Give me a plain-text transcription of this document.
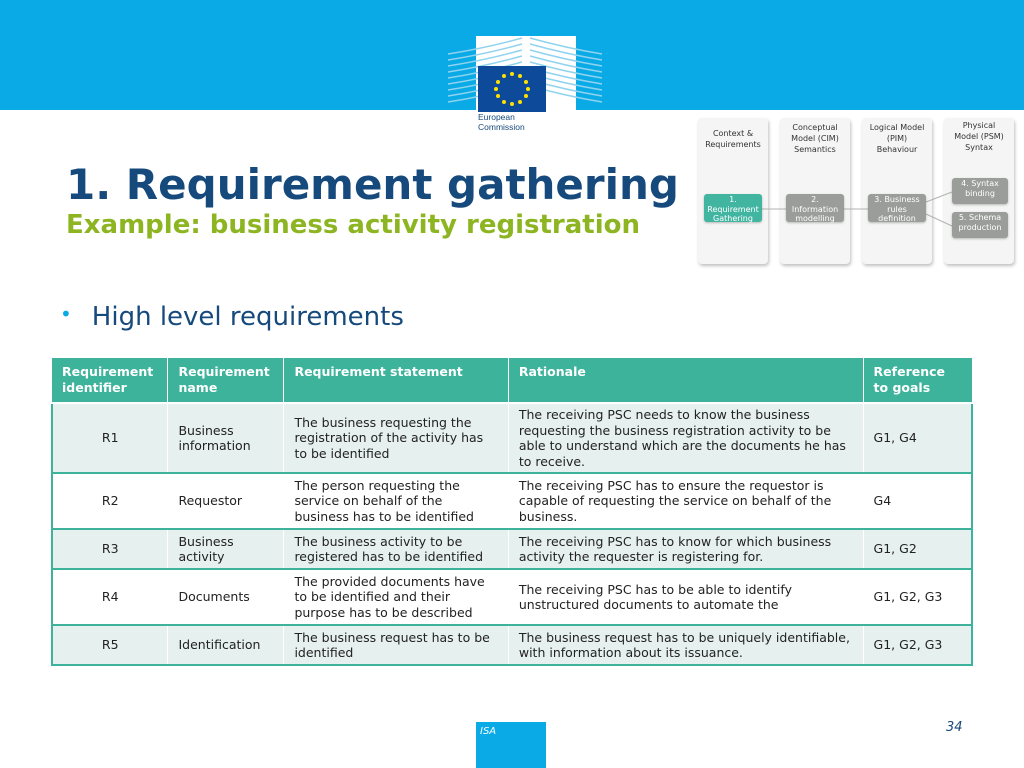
European
Commission
1. Requirement gathering
Example: business activity registration
Context &
Requirements
Conceptual
Model (CIM)
Semantics
Logical Model
(PIM)
Behaviour
Physical
Model (PSM)
Syntax
1.
Requirement
Gathering
2.
Information
modelling
3. Business
rules
definition
4. Syntax
binding
5. Schema
production
• High level requirements
Requirement identifier	Requirement name	Requirement statement	Rationale	Reference to goals
R1	Business information	The business requesting the registration of the activity has to be identified	The receiving PSC needs to know the business requesting the business registration activity to be able to understand which are the documents he has to receive.	G1, G4
R2	Requestor	The person requesting the service on behalf of the business has to be identified	The receiving PSC has to ensure the requestor is capable of requesting the service on behalf of the business.	G4
R3	Business activity	The business activity to be registered has to be identified	The receiving PSC has to know for which business activity the requester is registering for.	G1, G2
R4	Documents	The provided documents have to be identified and their purpose has to be described	The receiving PSC has to be able to identify unstructured documents to automate the	G1, G2, G3
R5	Identification	The business request has to be identified	The business request has to be uniquely identifiable, with information about its issuance.	G1, G2, G3
ISA	34
